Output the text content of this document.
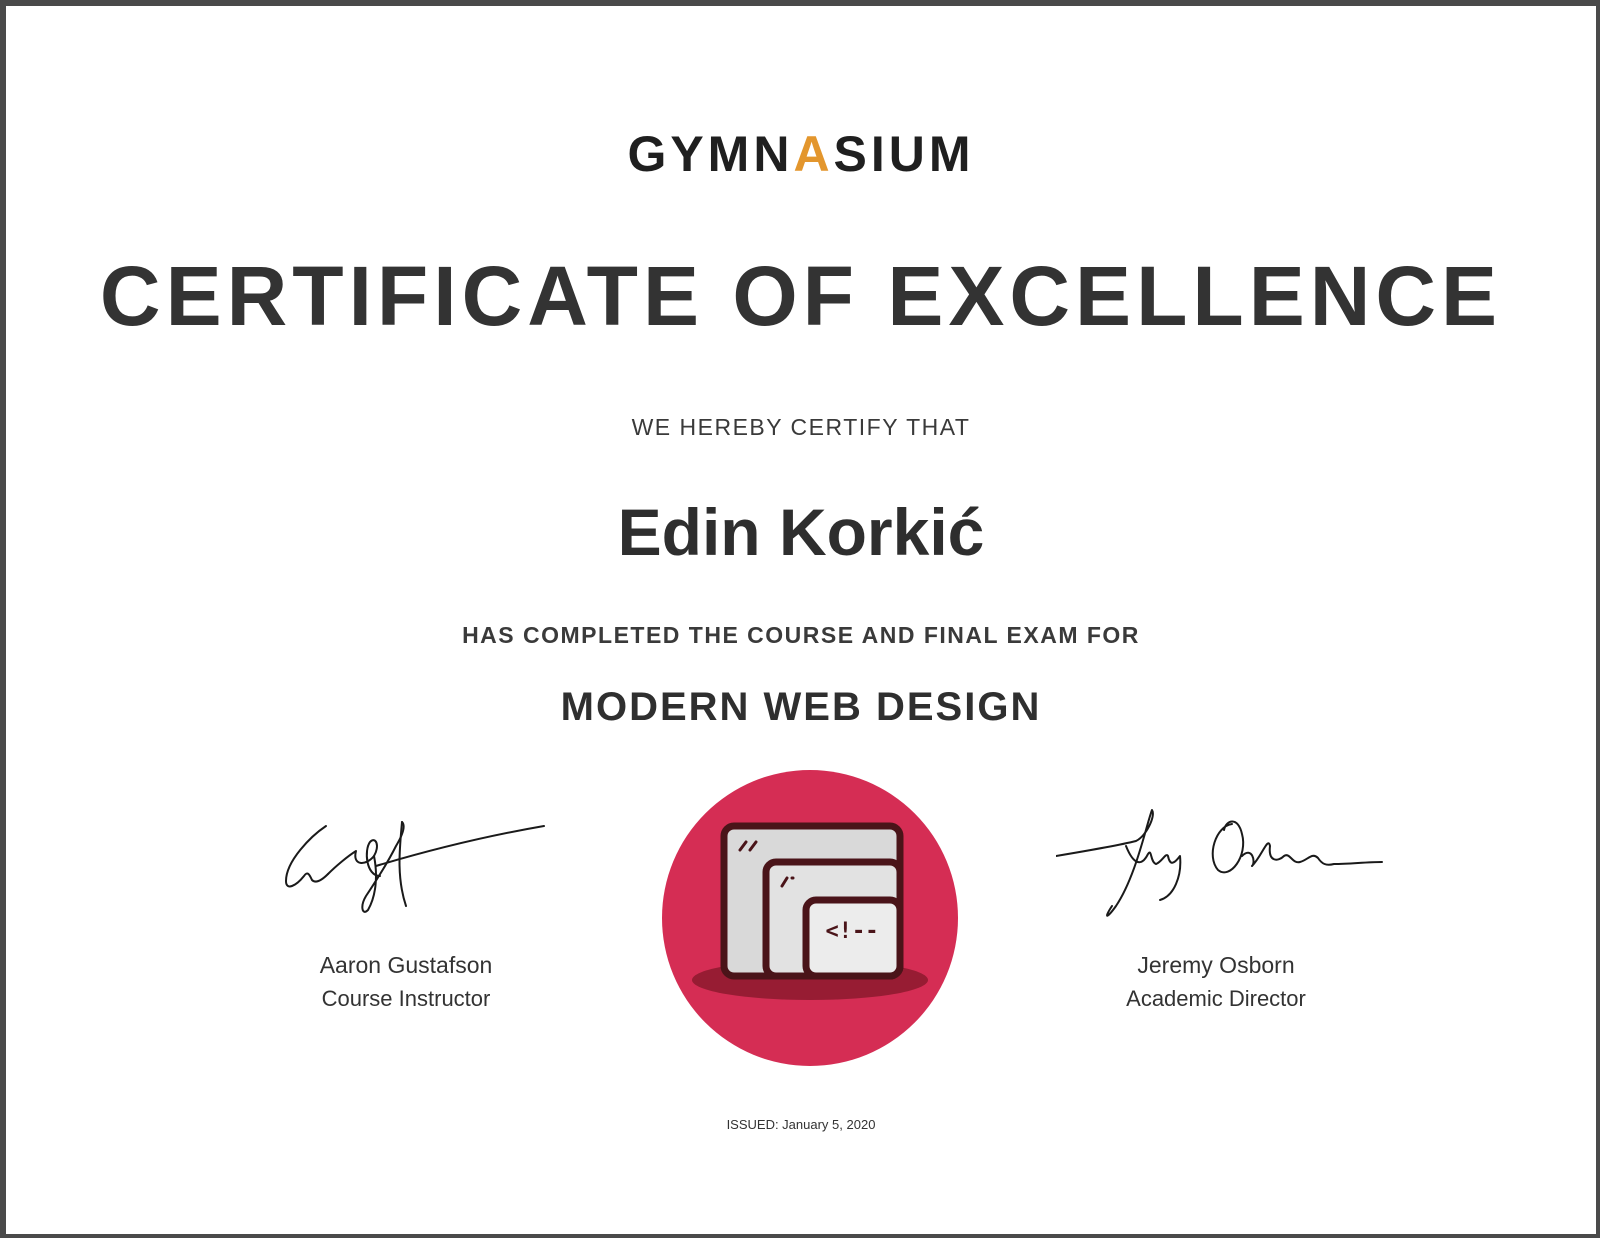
GYMNASIUM
CERTIFICATE OF EXCELLENCE
WE HEREBY CERTIFY THAT
Edin Korkić
HAS COMPLETED THE COURSE AND FINAL EXAM FOR
MODERN WEB DESIGN
Aaron Gustafson
Course Instructor
<!--
Jeremy Osborn
Academic Director
ISSUED: January 5, 2020
